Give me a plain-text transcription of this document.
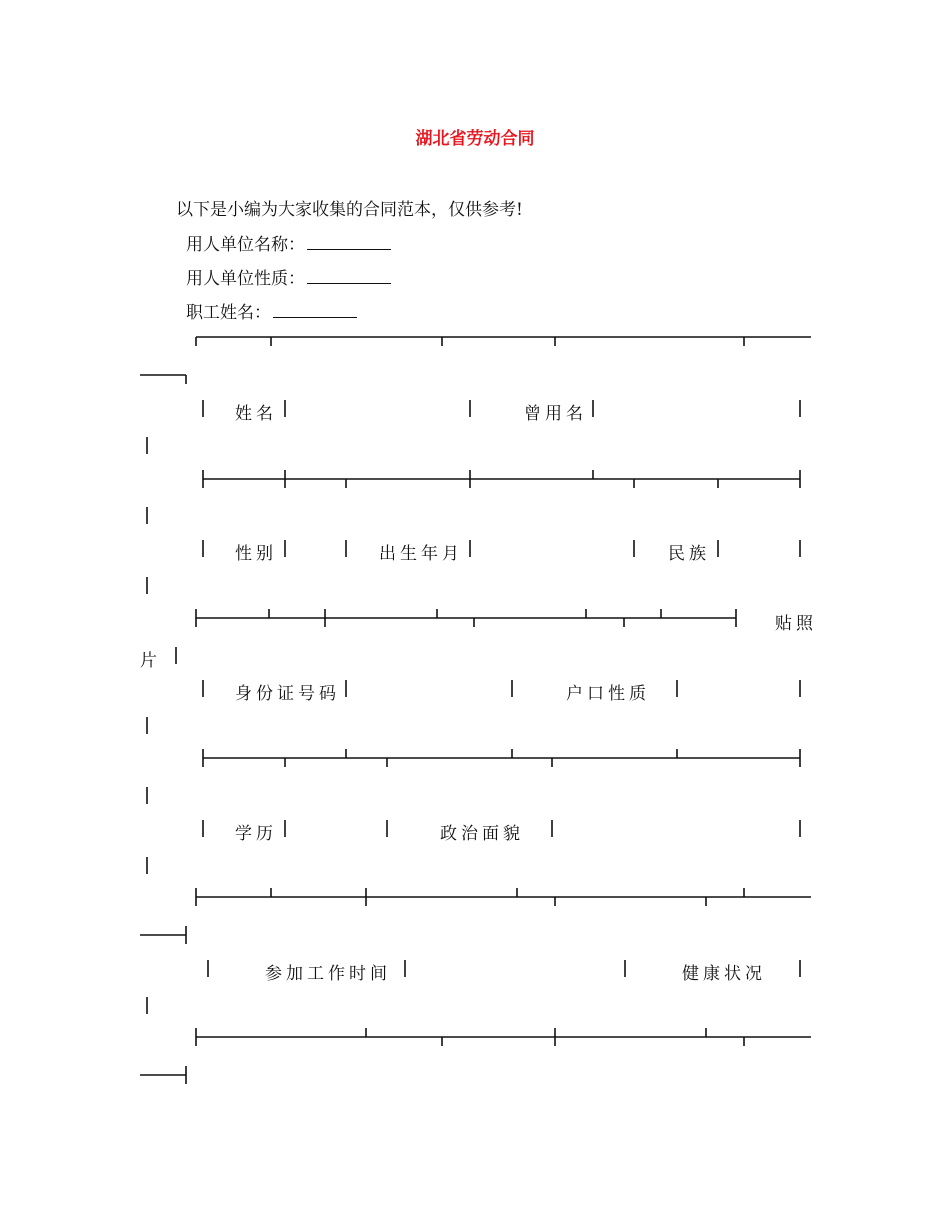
湖北省劳动合同
以下是小编为大家收集的合同范本，仅供参考!
用人单位名称：
用人单位性质：
职工姓名：
姓名	曾用名
性别	出生年月	民族
贴照
片
身份证号码	户口性质
学历	政治面貌
参加工作时间	健康状况
